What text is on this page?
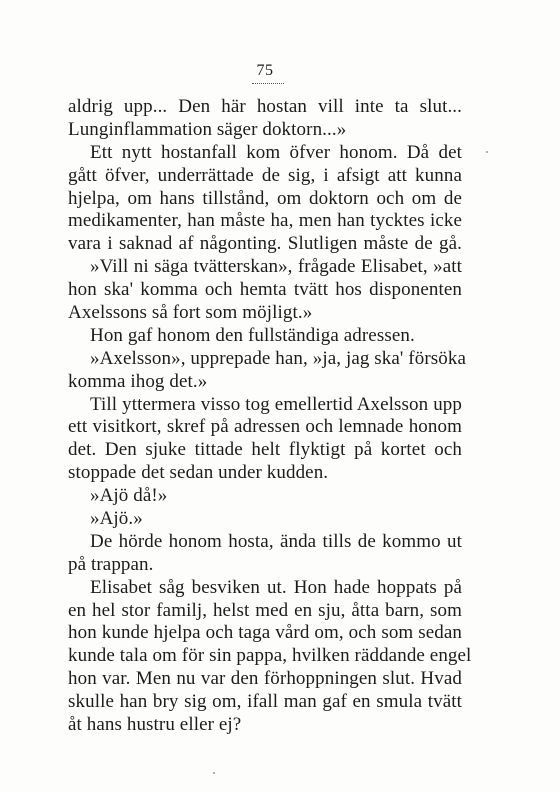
75
aldrig upp... Den här hostan vill inte ta slut...
Lunginflammation säger doktorn...»
Ett nytt hostanfall kom öfver honom. Då det
gått öfver, underrättade de sig, i afsigt att kunna
hjelpa, om hans tillstånd, om doktorn och om de
medikamenter, han måste ha, men han tycktes icke
vara i saknad af någonting. Slutligen måste de gå.
»Vill ni säga tvätterskan», frågade Elisabet, »att
hon ska' komma och hemta tvätt hos disponenten
Axelssons så fort som möjligt.»
Hon gaf honom den fullständiga adressen.
»Axelsson», upprepade han, »ja, jag ska' försöka
komma ihog det.»
Till yttermera visso tog emellertid Axelsson upp
ett visitkort, skref på adressen och lemnade honom
det. Den sjuke tittade helt flyktigt på kortet och
stoppade det sedan under kudden.
»Ajö då!»
»Ajö.»
De hörde honom hosta, ända tills de kommo ut
på trappan.
Elisabet såg besviken ut. Hon hade hoppats på
en hel stor familj, helst med en sju, åtta barn, som
hon kunde hjelpa och taga vård om, och som sedan
kunde tala om för sin pappa, hvilken räddande engel
hon var. Men nu var den förhoppningen slut. Hvad
skulle han bry sig om, ifall man gaf en smula tvätt
åt hans hustru eller ej?
